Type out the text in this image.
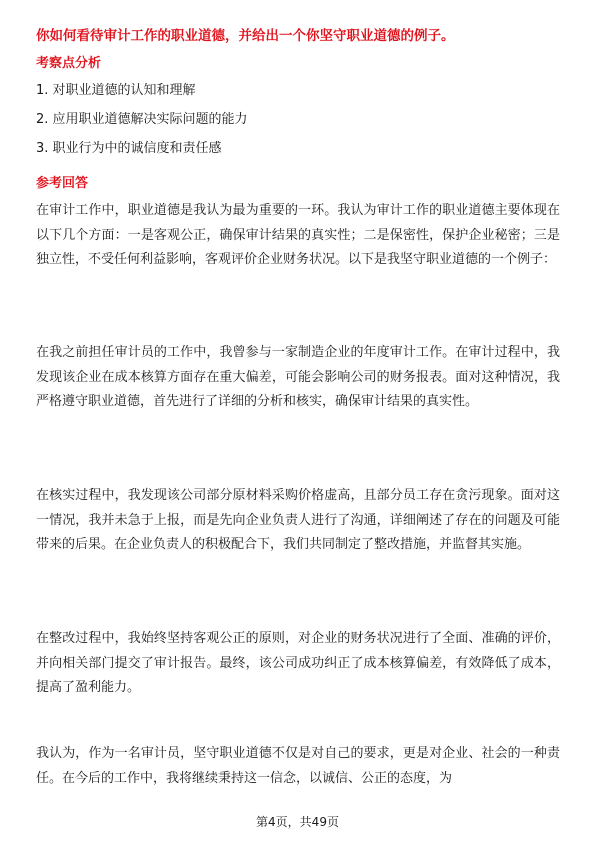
你如何看待审计工作的职业道德，并给出一个你坚守职业道德的例子。
考察点分析
1. 对职业道德的认知和理解
2. 应用职业道德解决实际问题的能力
3. 职业行为中的诚信度和责任感
参考回答
在审计工作中，职业道德是我认为最为重要的一环。我认为审计工作的职业道德主要体现在以下几个方面：一是客观公正，确保审计结果的真实性；二是保密性，保护企业秘密；三是独立性，不受任何利益影响，客观评价企业财务状况。以下是我坚守职业道德的一个例子：
在我之前担任审计员的工作中，我曾参与一家制造企业的年度审计工作。在审计过程中，我发现该企业在成本核算方面存在重大偏差，可能会影响公司的财务报表。面对这种情况，我严格遵守职业道德，首先进行了详细的分析和核实，确保审计结果的真实性。
在核实过程中，我发现该公司部分原材料采购价格虚高，且部分员工存在贪污现象。面对这一情况，我并未急于上报，而是先向企业负责人进行了沟通，详细阐述了存在的问题及可能带来的后果。在企业负责人的积极配合下，我们共同制定了整改措施，并监督其实施。
在整改过程中，我始终坚持客观公正的原则，对企业的财务状况进行了全面、准确的评价，并向相关部门提交了审计报告。最终，该公司成功纠正了成本核算偏差，有效降低了成本，提高了盈利能力。
我认为，作为一名审计员，坚守职业道德不仅是对自己的要求，更是对企业、社会的一种责任。在今后的工作中，我将继续秉持这一信念，以诚信、公正的态度，为
第4页，共49页
